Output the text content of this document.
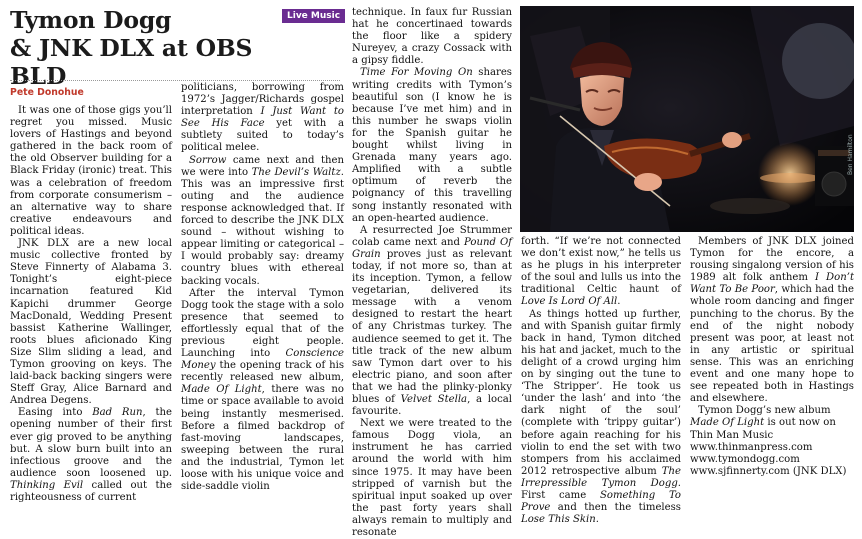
Tymon Dogg
& JNK DLX at OBS BLD
Live Music
Pete Donohue

It was one of those gigs you’ll regret you missed. Music lovers of Hastings and beyond gathered in the back room of the old Observer building for a Black Friday (ironic) treat. This was a celebration of freedom from corporate consumerism – an alternative way to share creative endeavours and political ideas.

JNK DLX are a new local music collective fronted by Steve Finnerty of Alabama 3. Tonight’s eight-piece incarnation featured Kid Kapichi drummer George MacDonald, Wedding Present bassist Katherine Wallinger, roots blues aficionado King Size Slim sliding a lead, and Tymon grooving on keys. The laid-back backing singers were Steff Gray, Alice Barnard and Andrea Degens.

Easing into Bad Run, the opening number of their first ever gig proved to be anything but. A slow burn built into an infectious groove and the audience soon loosened up. Thinking Evil called out the righteousness of current

politicians, borrowing from 1972’s Jagger/Richards gospel interpretation I Just Want to See His Face yet with a subtlety suited to today’s political melee.

Sorrow came next and then we were into The Devil’s Waltz. This was an impressive first outing and the audience response acknowledged that. If forced to describe the JNK DLX sound – without wishing to appear limiting or categorical – I would probably say: dreamy country blues with ethereal backing vocals.

After the interval Tymon Dogg took the stage with a solo presence that seemed to effortlessly equal that of the previous eight people. Launching into Conscience Money the opening track of his recently released new album, Made Of Light, there was no time or space available to avoid being instantly mesmerised. Before a filmed backdrop of fast-moving landscapes, sweeping between the rural and the industrial, Tymon let loose with his unique voice and side-saddle violin

technique. In faux fur Russian hat he concertinaed towards the floor like a spidery Nureyev, a crazy Cossack with a gipsy fiddle.

Time For Moving On shares writing credits with Tymon’s beautiful son (I know he is because I’ve met him) and in this number he swaps violin for the Spanish guitar he bought whilst living in Grenada many years ago. Amplified with a subtle optimum of reverb the poignancy of this travelling song instantly resonated with an open-hearted audience.

A resurrected Joe Strummer colab came next and Pound Of Grain proves just as relevant today, if not more so, than at its inception. Tymon, a fellow vegetarian, delivered its message with a venom designed to restart the heart of any Christmas turkey. The audience seemed to get it. The title track of the new album saw Tymon dart over to his electric piano, and soon after that we had the plinky-plonky blues of Velvet Stella, a local favourite.

Next we were treated to the famous Dogg viola, an instrument he has carried around the world with him since 1975. It may have been stripped of varnish but the spiritual input soaked up over the past forty years shall always remain to multiply and resonate

forth. “If we’re not connected we don’t exist now,” he tells us as he plugs in his interpreter of the soul and lulls us into the traditional Celtic haunt of Love Is Lord Of All.

As things hotted up further, and with Spanish guitar firmly back in hand, Tymon ditched his hat and jacket, much to the delight of a crowd urging him on by singing out the tune to ‘The Stripper’. He took us ‘under the lash’ and into ‘the dark night of the soul’ (complete with ‘trippy guitar’) before again reaching for his violin to end the set with two stompers from his acclaimed 2012 retrospective album The Irrepressible Tymon Dogg. First came Something To Prove and then the timeless Lose This Skin.

Members of JNK DLX joined Tymon for the encore, a rousing singalong version of his 1989 alt folk anthem I Don’t Want To Be Poor, which had the whole room dancing and finger punching to the chorus. By the end of the night nobody present was poor, at least not in any artistic or spiritual sense. This was an enriching event and one many hope to see repeated both in Hastings and elsewhere.

Tymon Dogg’s new album Made Of Light is out now on Thin Man Music

www.thinmanpress.com

www.tymondogg.com

www.sjfinnerty.com (JNK DLX)

Ben Hamilton
